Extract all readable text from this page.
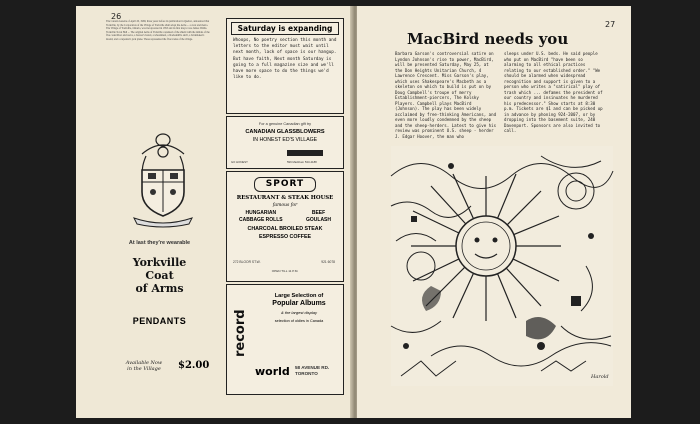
26
The Canada Gazette of April 20, 1968, three years before its publication in Quebec, announced that Yorkville, by the Corporation of the Village of Yorkville shall adopt the Arms ... a crest and motto. The Village of Yorkville, Ontario, was incorporated in 1853 and its first mayor was James Wallis. Yorkville Town Hall ... The original Arms of Yorkville consisted of the shield with the initials of the five councillors and reeve, a brewer's barrel, a wheatsheaf, a blacksmith's anvil, a brickmaker's mould, and a carpenter's jack plane. These represented the five trades of the village.
At last they're wearable
Yorkville
Coat
of Arms
PENDANTS
Available Now
in the Village	$2.00
Saturday is expanding
Whoops, No poetry section this month and letters to the editor must wait until next month, lack of space is our hangup. But have faith, Next month Saturday is going to a full magazine size and we'll have more space to do the things we'd like to do.
For a genuine Canadian gift try
CANADIAN GLASSBLOWERS
IN HONEST ED'S VILLAGE
GO HONEST	599 Markham 533-4188
SPORT
RESTAURANT & STEAK HOUSE
famous for
HUNGARIAN
CABBAGE ROLLS
BEEF
GOULASH
CHARCOAL BROILED STEAK
ESPRESSO COFFEE
272 BLOOR ST.W.	921 6078
OPEN TILL 11 P.M.
record
Large Selection of
Popular Albums
& the largest display
selection of oldies in Canada
world 58 AVENUE RD.
TORONTO
27
MacBird needs you
Barbara Garson's controversial satire on Lyndon Johnson's rise to power, MacBird, will be presented Saturday, May 25, at the Don Heights Unitarian Church, 4 Lawrence Crescent. Miss Garson's play, which uses Shakespeare's Macbeth as a skeleton on which to build is put on by Doug Campbell's troupe of merry Establishment-piercers, The Kolsky Players. Campbell plays MacBird (Johnson). The play has been widely acclaimed by free-thinking Americans, and even more loudly condemned by the sheep and the sheep-herders. Latest to give his review was prominent U.S. sheep - herder J. Edgar Hoover, the man who
sleeps under U.S. beds. He said people who put on MacBird "have been so alarming to all ethical practices relating to our established order." "We should be alarmed when widespread recognition and support is given to a person who writes a "satirical" play of trash which ... defames the president of our country and insinuates he murdered his predecessor." Show starts at 8:30 p.m. Tickets are $1 and can be picked up in advance by phoning 924-2007, or by dropping into the basement suite, 240 Davenport. Sponsors are also invited to call.
Harold
